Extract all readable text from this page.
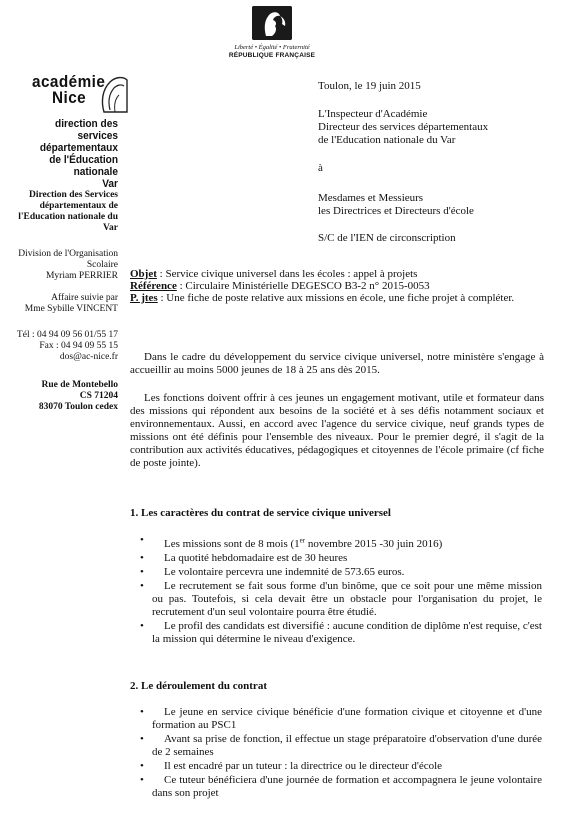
Liberté • Égalité • Fraternité
RÉPUBLIQUE FRANÇAISE
académie
Nice
direction des services
départementaux
de l'Éducation nationale
Var
Direction des Services
départementaux de
l'Education nationale du
Var
Division de l'Organisation
Scolaire
Myriam PERRIER
Affaire suivie par
Mme Sybille VINCENT
Tél : 04 94 09 56 01/55 17
Fax : 04 94 09 55 15
dos@ac-nice.fr
Rue de Montebello
CS 71204
83070 Toulon cedex
Toulon, le 19 juin 2015
L'Inspecteur d'Académie
Directeur des services départementaux
de l'Education nationale du Var
à
Mesdames et Messieurs
les Directrices et Directeurs d'école
S/C de l'IEN de circonscription
Objet : Service civique universel dans les écoles : appel à projets
Référence : Circulaire Ministérielle DEGESCO B3-2 n° 2015-0053
P. jtes : Une fiche de poste relative aux missions en école, une fiche projet à compléter.
Dans le cadre du développement du service civique universel, notre ministère s'engage à accueillir au moins 5000 jeunes de 18 à 25 ans dès 2015.
Les fonctions doivent offrir à ces jeunes un engagement motivant, utile et formateur dans des missions qui répondent aux besoins de la société et à ses défis notamment sociaux et environnementaux. Aussi, en accord avec l'agence du service civique, neuf grands types de missions ont été définis pour l'ensemble des niveaux. Pour le premier degré, il s'agit de la contribution aux activités éducatives, pédagogiques et citoyennes de l'école primaire (cf fiche de poste jointe).
1. Les caractères du contrat de service civique universel
• Les missions sont de 8 mois (1er novembre 2015 -30 juin 2016)
• La quotité hebdomadaire est de 30 heures
• Le volontaire percevra une indemnité de 573.65 euros.
• Le recrutement se fait sous forme d'un binôme, que ce soit pour une même mission ou pas. Toutefois, si cela devait être un obstacle pour l'organisation du projet, le recrutement d'un seul volontaire pourra être étudié.
• Le profil des candidats est diversifié : aucune condition de diplôme n'est requise, c'est la mission qui détermine le niveau d'exigence.
2. Le déroulement du contrat
• Le jeune en service civique bénéficie d'une formation civique et citoyenne et d'une formation au PSC1
• Avant sa prise de fonction, il effectue un stage préparatoire d'observation d'une durée de 2 semaines
• Il est encadré par un tuteur : la directrice ou le directeur d'école
• Ce tuteur bénéficiera d'une journée de formation et accompagnera le jeune volontaire dans son projet
